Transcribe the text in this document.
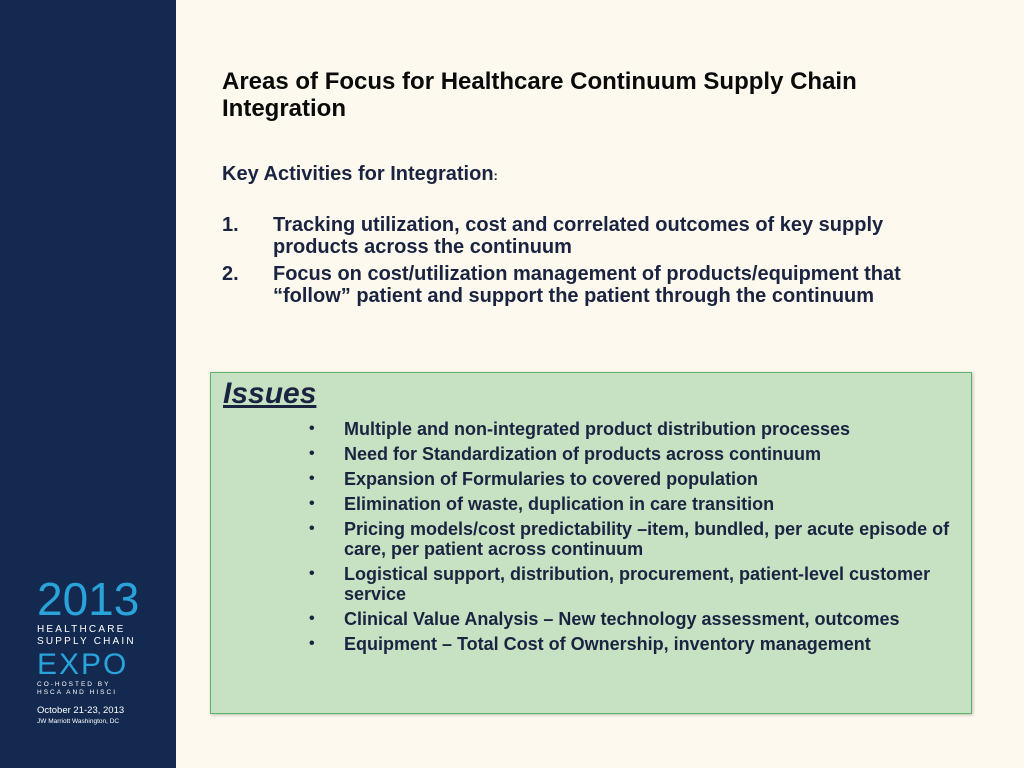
2013
HEALTHCARE
SUPPLY CHAIN
EXPO
CO-HOSTED BY
HSCA AND HISCI
October 21-23, 2013
JW Marriott Washington, DC
Areas of Focus for Healthcare Continuum Supply Chain Integration
Key Activities for Integration:
1. Tracking utilization, cost and correlated outcomes of key supply products across the continuum
2. Focus on cost/utilization management of products/equipment that “follow” patient and support the patient through the continuum
Issues
• Multiple and non-integrated product distribution processes
• Need for Standardization of products across continuum
• Expansion of Formularies to covered population
• Elimination of waste, duplication in care transition
• Pricing models/cost predictability –item, bundled, per acute episode of care, per patient across continuum
• Logistical support, distribution, procurement, patient-level customer service
• Clinical Value Analysis – New technology assessment, outcomes
• Equipment – Total Cost of Ownership, inventory management
